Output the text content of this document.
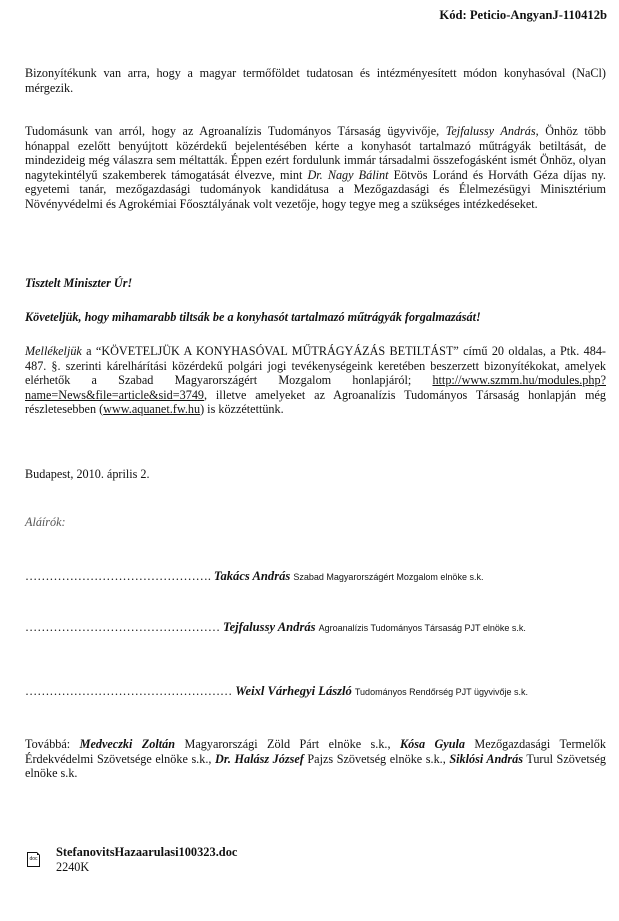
Kód: Peticio-AngyanJ-110412b
Bizonyítékunk van arra, hogy a magyar termőföldet tudatosan és intézményesített módon konyhasóval (NaCl) mérgezik.
Tudomásunk van arról, hogy az Agroanalízis Tudományos Társaság ügyvivője, Tejfalussy András, Önhöz több hónappal ezelőtt benyújtott közérdekű bejelentésében kérte a konyhasót tartalmazó műtrágyák betiltását, de mindezideig még válaszra sem méltatták. Éppen ezért fordulunk immár társadalmi összefogásként ismét Önhöz, olyan nagytekintélyű szakemberek támogatását élvezve, mint Dr. Nagy Bálint Eötvös Loránd és Horváth Géza díjas ny. egyetemi tanár, mezőgazdasági tudományok kandidátusa a Mezőgazdasági és Élelmezésügyi Minisztérium Növényvédelmi és Agrokémiai Főosztályának volt vezetője, hogy tegye meg a szükséges intézkedéseket.
Tisztelt Miniszter Úr!
Követeljük, hogy mihamarabb tiltsák be a konyhasót tartalmazó műtrágyák forgalmazását!
Mellékeljük a “KÖVETELJÜK A KONYHASÓVAL MŰTRÁGYÁZÁS BETILTÁST” című 20 oldalas, a Ptk. 484-487. §. szerinti kárelhárítási közérdekű polgári jogi tevékenységeink keretében beszerzett bizonyítékokat, amelyek elérhetők a Szabad Magyarországért Mozgalom honlapjáról; http://www.szmm.hu/modules.php?name=News&file=article&sid=3749, illetve amelyeket az Agroanalízis Tudományos Társaság honlapján még részletesebben (www.aquanet.fw.hu) is közzétettünk.
Budapest, 2010. április 2.
Aláírók:
………………………………………. Takács András Szabad Magyarországért Mozgalom elnöke s.k.
………………………………………… Tejfalussy András Agroanalízis Tudományos Társaság PJT elnöke s.k.
…………………………………………… Weixl Várhegyi László Tudományos Rendőrség PJT ügyvivője s.k.
Továbbá: Medveczki Zoltán Magyarországi Zöld Párt elnöke s.k., Kósa Gyula Mezőgazdasági Termelők Érdekvédelmi Szövetsége elnöke s.k., Dr. Halász József Pajzs Szövetség elnöke s.k., Siklósi András Turul Szövetség elnöke s.k.
doc StefanovitsHazaarulasi100323.doc
2240K
